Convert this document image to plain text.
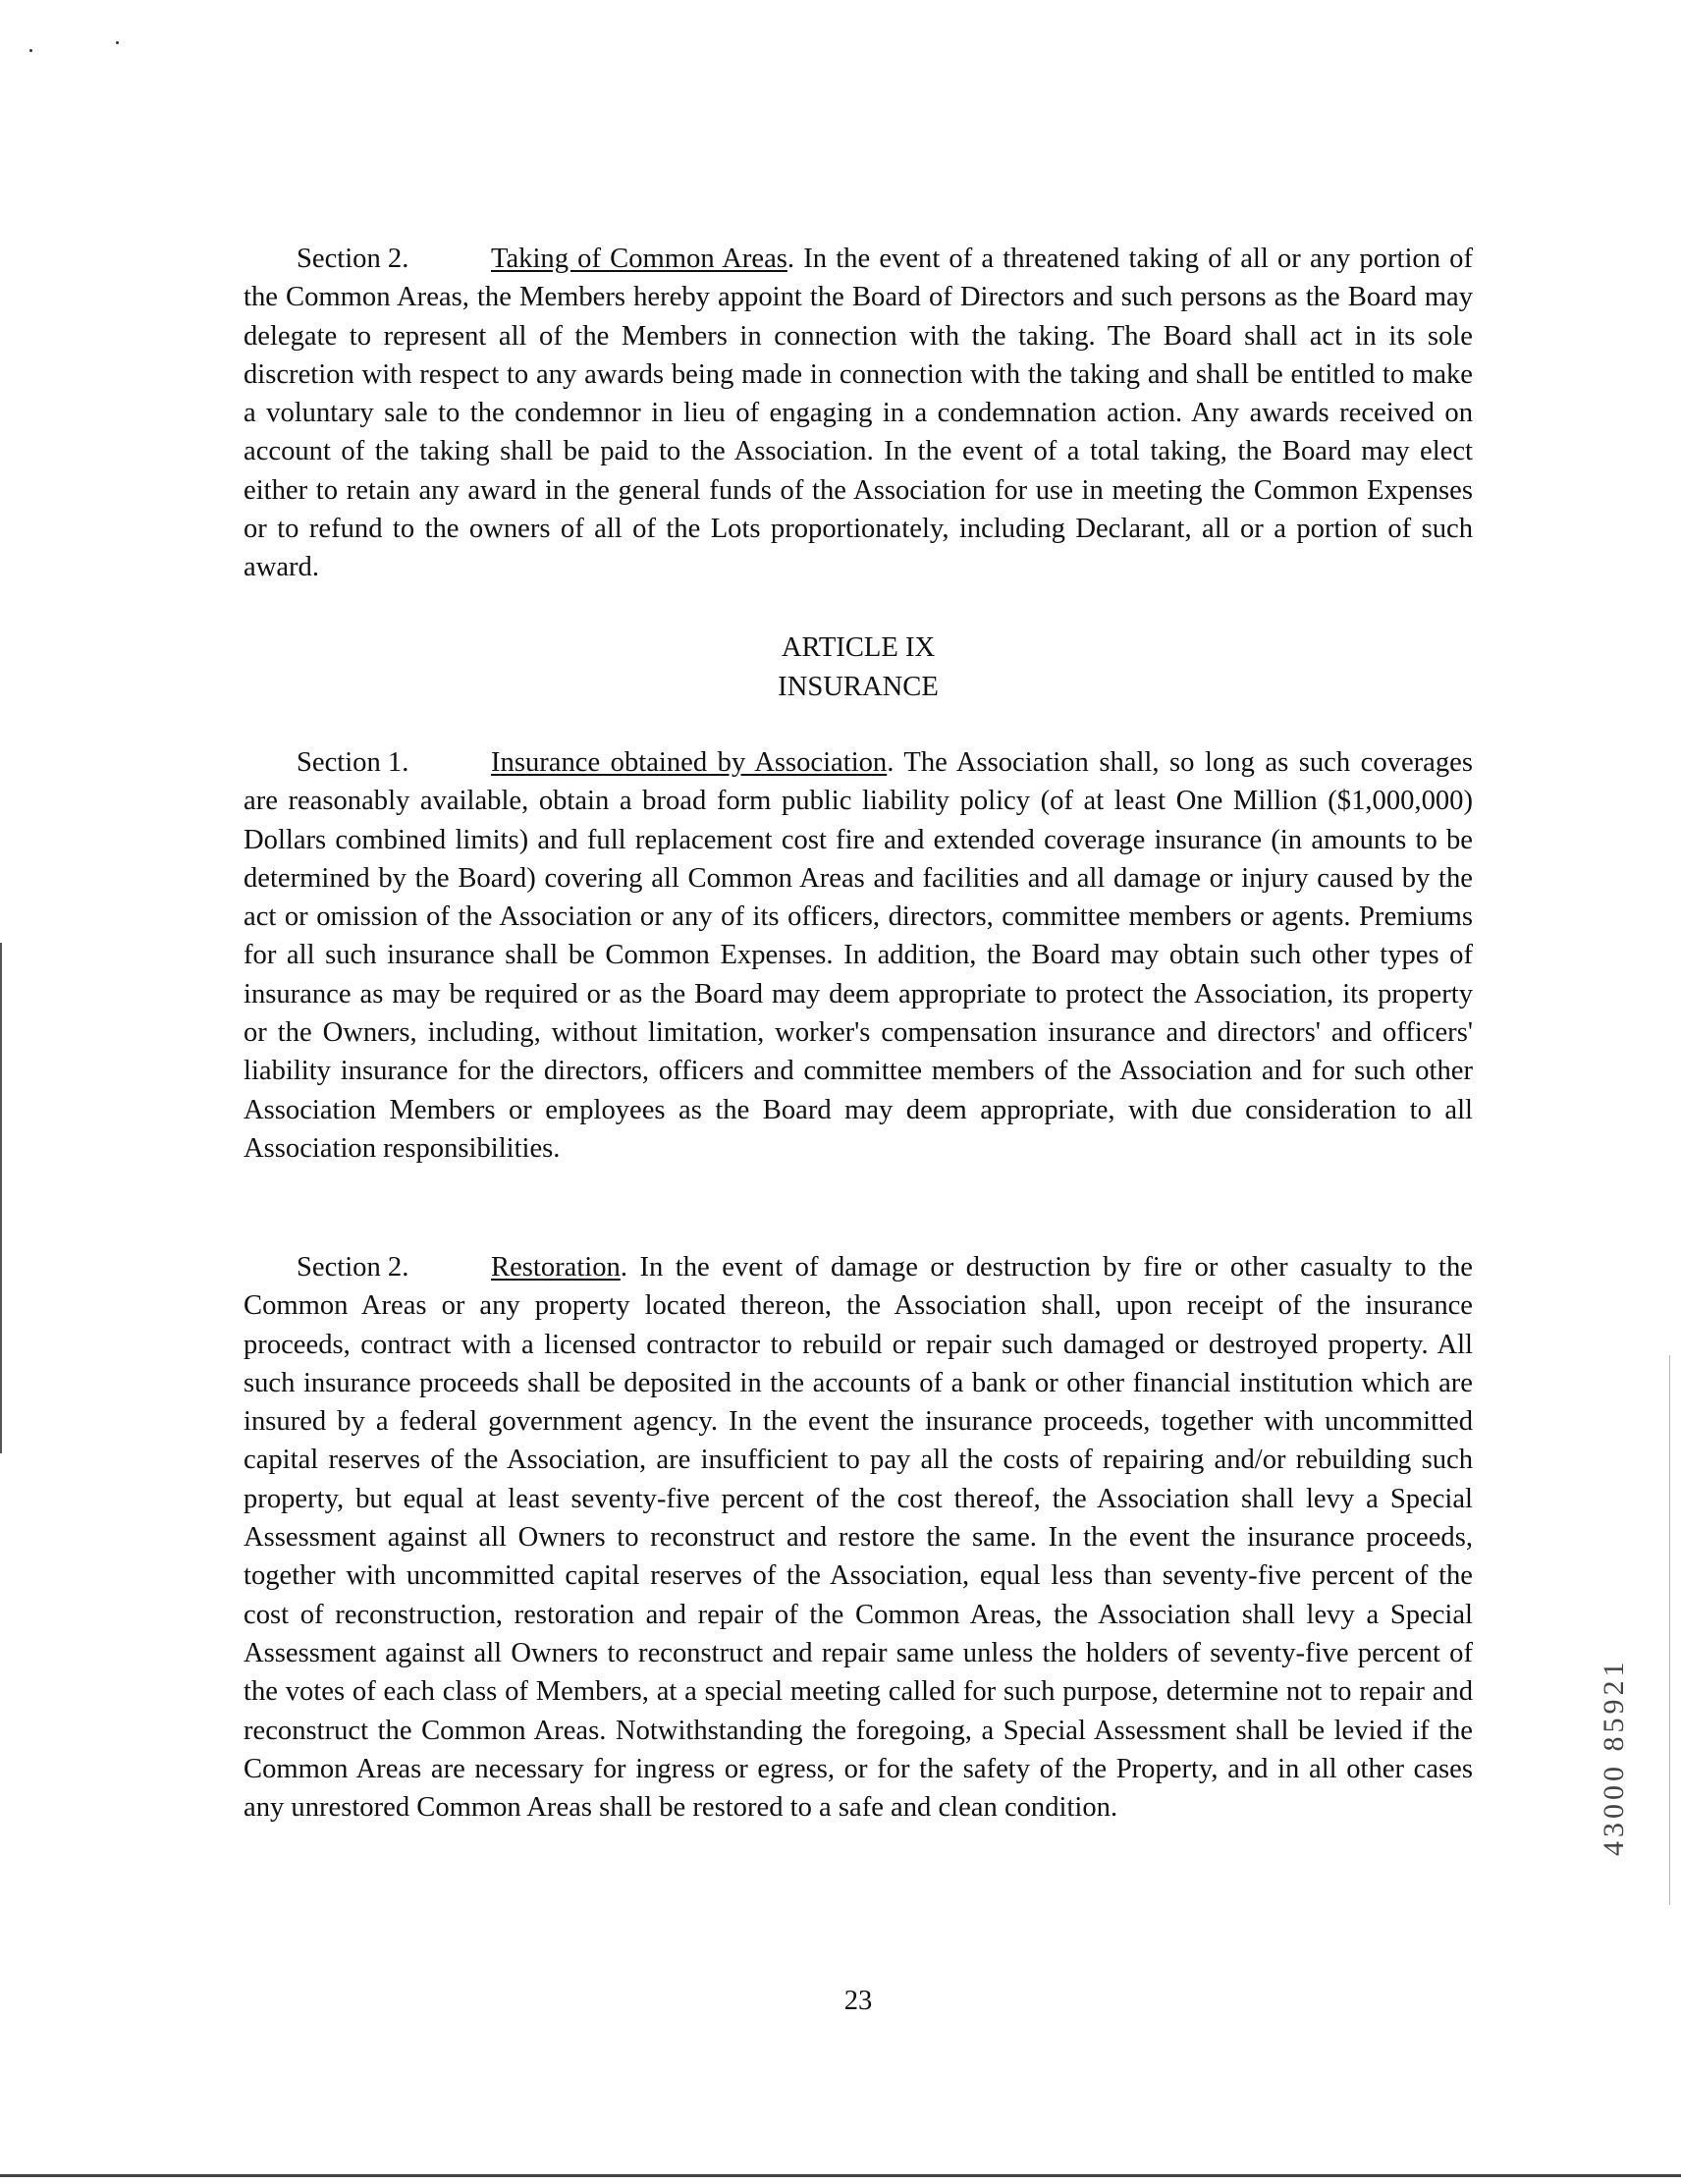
Section 2.	Taking of Common Areas. In the event of a threatened taking of all or any portion of the Common Areas, the Members hereby appoint the Board of Directors and such persons as the Board may delegate to represent all of the Members in connection with the taking. The Board shall act in its sole discretion with respect to any awards being made in connection with the taking and shall be entitled to make a voluntary sale to the condemnor in lieu of engaging in a condemnation action. Any awards received on account of the taking shall be paid to the Association. In the event of a total taking, the Board may elect either to retain any award in the general funds of the Association for use in meeting the Common Expenses or to refund to the owners of all of the Lots proportionately, including Declarant, all or a portion of such award.

ARTICLE IX
INSURANCE

Section 1.	Insurance obtained by Association. The Association shall, so long as such coverages are reasonably available, obtain a broad form public liability policy (of at least One Million ($1,000,000) Dollars combined limits) and full replacement cost fire and extended coverage insurance (in amounts to be determined by the Board) covering all Common Areas and facilities and all damage or injury caused by the act or omission of the Association or any of its officers, directors, committee members or agents. Premiums for all such insurance shall be Common Expenses. In addition, the Board may obtain such other types of insurance as may be required or as the Board may deem appropriate to protect the Association, its property or the Owners, including, without limitation, worker's compensation insurance and directors' and officers' liability insurance for the directors, officers and committee members of the Association and for such other Association Members or employees as the Board may deem appropriate, with due consideration to all Association responsibilities.

Section 2.	Restoration. In the event of damage or destruction by fire or other casualty to the Common Areas or any property located thereon, the Association shall, upon receipt of the insurance proceeds, contract with a licensed contractor to rebuild or repair such damaged or destroyed property. All such insurance proceeds shall be deposited in the accounts of a bank or other financial institution which are insured by a federal government agency. In the event the insurance proceeds, together with uncommitted capital reserves of the Association, are insufficient to pay all the costs of repairing and/or rebuilding such property, but equal at least seventy-five percent of the cost thereof, the Association shall levy a Special Assessment against all Owners to reconstruct and restore the same. In the event the insurance proceeds, together with uncommitted capital reserves of the Association, equal less than seventy-five percent of the cost of reconstruction, restoration and repair of the Common Areas, the Association shall levy a Special Assessment against all Owners to reconstruct and repair same unless the holders of seventy-five percent of the votes of each class of Members, at a special meeting called for such purpose, determine not to repair and reconstruct the Common Areas. Notwithstanding the foregoing, a Special Assessment shall be levied if the Common Areas are necessary for ingress or egress, or for the safety of the Property, and in all other cases any unrestored Common Areas shall be restored to a safe and clean condition.

23
43000 85921
